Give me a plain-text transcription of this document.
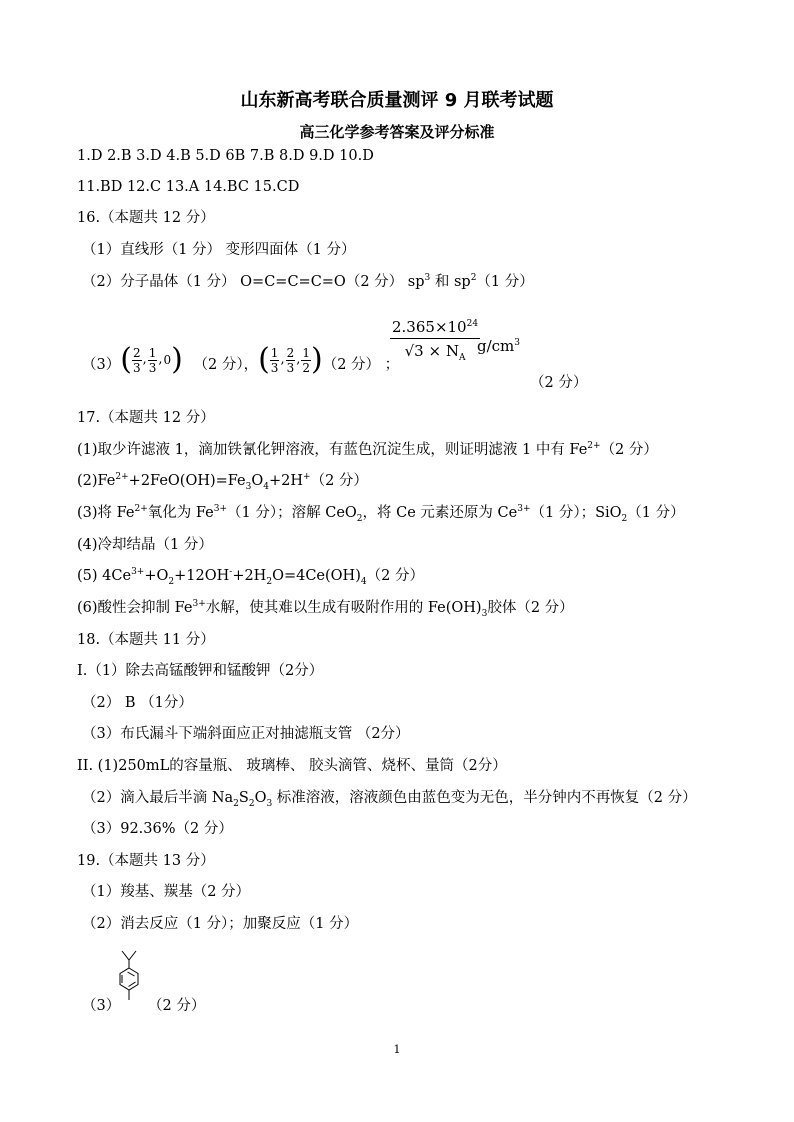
山东新高考联合质量测评 9 月联考试题
高三化学参考答案及评分标准
1.D 2.B 3.D 4.B 5.D 6B 7.B 8.D 9.D 10.D
11.BD 12.C 13.A 14.BC 15.CD
16.（本题共 12 分）
（1）直线形（1 分） 变形四面体（1 分）
（2）分子晶体（1 分） O=C=C=C=O（2 分） $sp^3$ 和 $sp^2(1$ 分）
（3） ( $\frac{2}{3}$ , $\frac{1}{3}$ , 0 ) （2 分）， ( $\frac{1}{3}$ , $\frac{2}{3}$ , $\frac{1}{2}$ ) （2 分） ；
$2.365\times 10^{24}$
$√3 \times N_A$
$g/cm^3$
（2 分）
17.（本题共 12 分）
(1)取少许滤液 1，滴加铁氰化钾溶液，有蓝色沉淀生成，则证明滤液 1 中有 $Fe^{2+}(2$ 分）
$(2)Fe^{2+}+2FeO(OH)=Fe_3O_4+2H^+(2$ 分）
(3)将 $Fe^{2+}$氧化为 $Fe^{3+}(1$ 分）；溶解 CeO$_2$，将 Ce 元素还原为 $Ce^{3+}(1$ 分）；SiO$_2$（1 分）
(4)冷却结晶（1 分）
(5) $4Ce^{3+}+O_2+12OH^-+2H_2O=4Ce(OH)_4(2$ 分）
(6)酸性会抑制 $Fe^{3+}$水解，使其难以生成有吸附作用的 $Fe(OH)_3$胶体（2 分）
18.（本题共 11 分）
I.（1）除去高锰酸钾和锰酸钾（2分）
（2） B （1分）
（3）布氏漏斗下端斜面应正对抽滤瓶支管 （2分）
II. (1)250mL的容量瓶、 玻璃棒、 胶头滴管、烧杯、量筒（2分）
（2）滴入最后半滴 $Na_2S_2O_3$ 标准溶液，溶液颜色由蓝色变为无色，半分钟内不再恢复（2 分）
（3）92.36%（2 分）
19.（本题共 13 分）
（1）羧基、羰基（2 分）
（2）消去反应（1 分）；加聚反应（1 分）
（3） （2 分）
1
